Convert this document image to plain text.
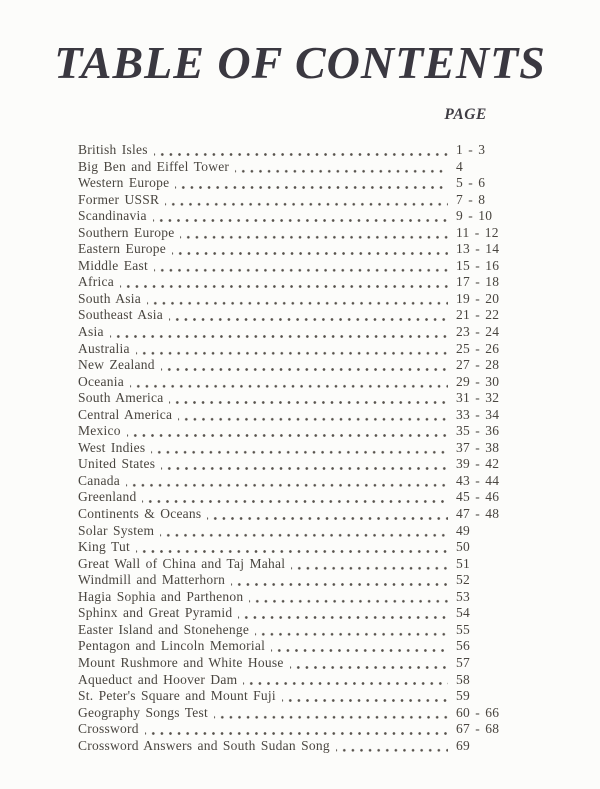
TABLE OF CONTENTS
PAGE
British Isles	1 - 3
Big Ben and Eiffel Tower	4
Western Europe	5 - 6
Former USSR	7 - 8
Scandinavia	9 - 10
Southern Europe	11 - 12
Eastern Europe	13 - 14
Middle East	15 - 16
Africa	17 - 18
South Asia	19 - 20
Southeast Asia	21 - 22
Asia	23 - 24
Australia	25 - 26
New Zealand	27 - 28
Oceania	29 - 30
South America	31 - 32
Central America	33 - 34
Mexico	35 - 36
West Indies	37 - 38
United States	39 - 42
Canada	43 - 44
Greenland	45 - 46
Continents & Oceans	47 - 48
Solar System	49
King Tut	50
Great Wall of China and Taj Mahal	51
Windmill and Matterhorn	52
Hagia Sophia and Parthenon	53
Sphinx and Great Pyramid	54
Easter Island and Stonehenge	55
Pentagon and Lincoln Memorial	56
Mount Rushmore and White House	57
Aqueduct and Hoover Dam	58
St. Peter's Square and Mount Fuji	59
Geography Songs Test	60 - 66
Crossword	67 - 68
Crossword Answers and South Sudan Song	69
